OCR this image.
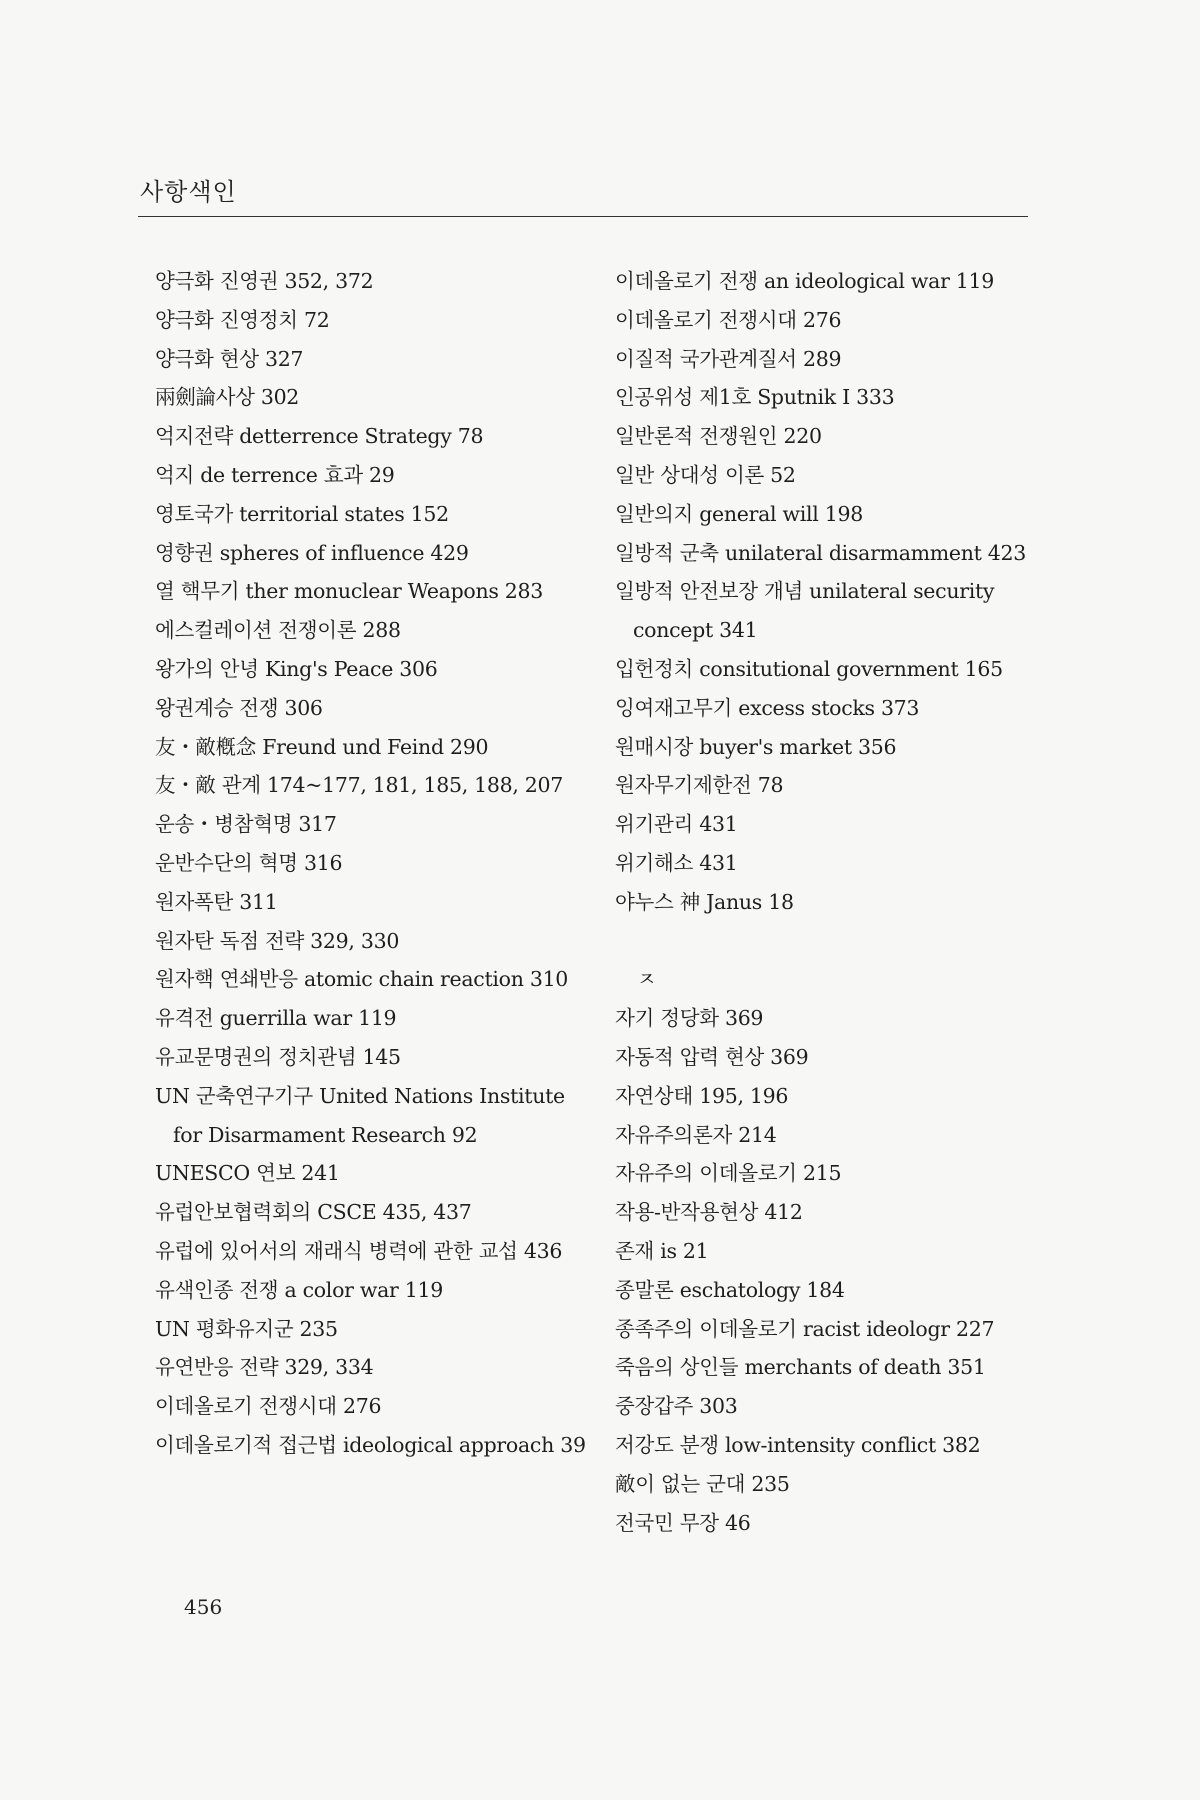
사항색인
양극화 진영권 352, 372
양극화 진영정치 72
양극화 현상 327
兩劍論사상 302
억지전략 detterrence Strategy 78
억지 de terrence 효과 29
영토국가 territorial states 152
영향권 spheres of influence 429
열 핵무기 ther monuclear Weapons 283
에스컬레이션 전쟁이론 288
왕가의 안녕 King's Peace 306
왕권계승 전쟁 306
友・敵槪念 Freund und Feind 290
友・敵 관계 174~177, 181, 185, 188, 207
운송・병참혁명 317
운반수단의 혁명 316
원자폭탄 311
원자탄 독점 전략 329, 330
원자핵 연쇄반응 atomic chain reaction 310
유격전 guerrilla war 119
유교문명권의 정치관념 145
UN 군축연구기구 United Nations Institute for Disarmament Research 92
UNESCO 연보 241
유럽안보협력회의 CSCE 435, 437
유럽에 있어서의 재래식 병력에 관한 교섭 436
유색인종 전쟁 a color war 119
UN 평화유지군 235
유연반응 전략 329, 334
이데올로기 전쟁시대 276
이데올로기적 접근법 ideological approach 39
이데올로기 전쟁 an ideological war 119
이데올로기 전쟁시대 276
이질적 국가관계질서 289
인공위성 제1호 Sputnik I 333
일반론적 전쟁원인 220
일반 상대성 이론 52
일반의지 general will 198
일방적 군축 unilateral disarmamment 423
일방적 안전보장 개념 unilateral security concept 341
입헌정치 consitutional government 165
잉여재고무기 excess stocks 373
원매시장 buyer's market 356
원자무기제한전 78
위기관리 431
위기해소 431
야누스 神 Janus 18
ㅈ
자기 정당화 369
자동적 압력 현상 369
자연상태 195, 196
자유주의론자 214
자유주의 이데올로기 215
작용-반작용현상 412
존재 is 21
종말론 eschatology 184
종족주의 이데올로기 racist ideologr 227
죽음의 상인들 merchants of death 351
중장갑주 303
저강도 분쟁 low-intensity conflict 382
敵이 없는 군대 235
전국민 무장 46
456
